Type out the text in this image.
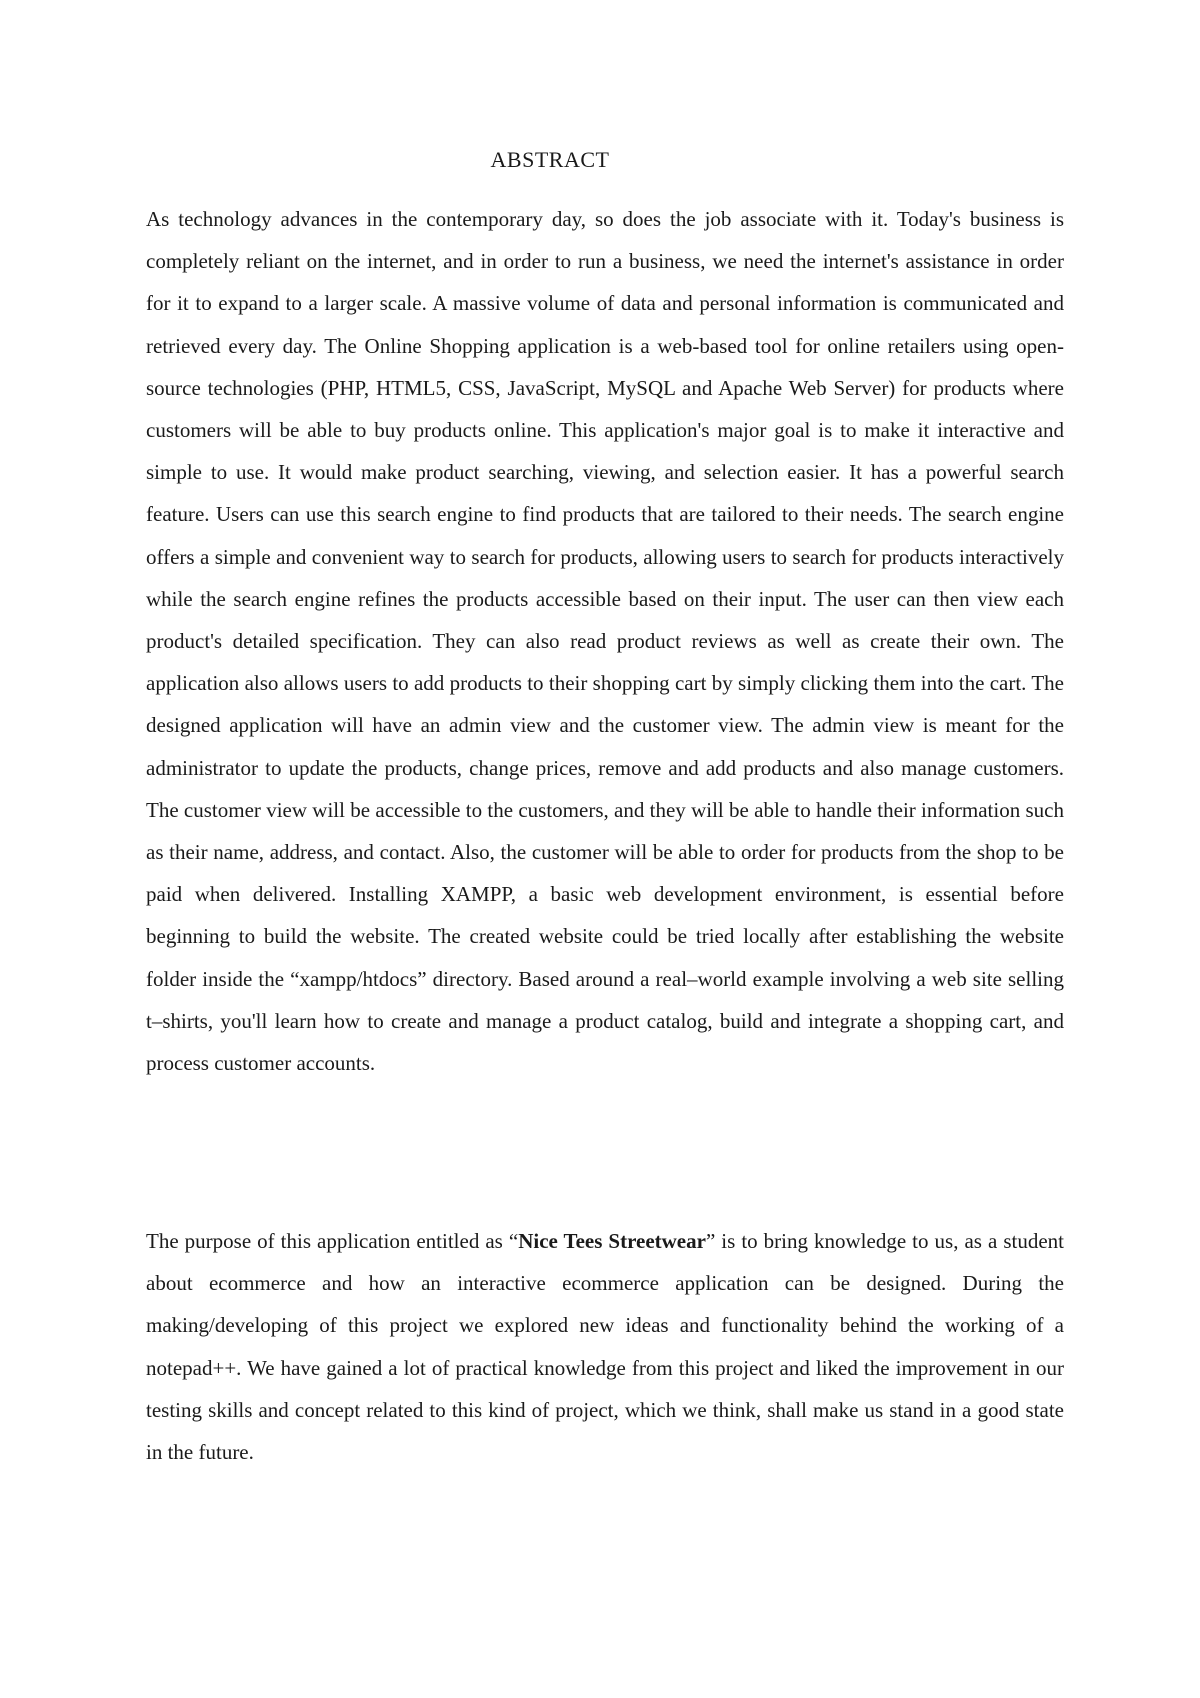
ABSTRACT

As technology advances in the contemporary day, so does the job associate with it. Today's business is completely reliant on the internet, and in order to run a business, we need the internet's assistance in order for it to expand to a larger scale. A massive volume of data and personal information is communicated and retrieved every day. The Online Shopping application is a web-based tool for online retailers using open-source technologies (PHP, HTML5, CSS, JavaScript, MySQL and Apache Web Server) for products where customers will be able to buy products online. This application's major goal is to make it interactive and simple to use. It would make product searching, viewing, and selection easier. It has a powerful search feature. Users can use this search engine to find products that are tailored to their needs. The search engine offers a simple and convenient way to search for products, allowing users to search for products interactively while the search engine refines the products accessible based on their input. The user can then view each product's detailed specification. They can also read product reviews as well as create their own. The application also allows users to add products to their shopping cart by simply clicking them into the cart. The designed application will have an admin view and the customer view. The admin view is meant for the administrator to update the products, change prices, remove and add products and also manage customers. The customer view will be accessible to the customers, and they will be able to handle their information such as their name, address, and contact. Also, the customer will be able to order for products from the shop to be paid when delivered. Installing XAMPP, a basic web development environment, is essential before beginning to build the website. The created website could be tried locally after establishing the website folder inside the “xampp/htdocs” directory. Based around a real–world example involving a web site selling t–shirts, you'll learn how to create and manage a product catalog, build and integrate a shopping cart, and process customer accounts.

The purpose of this application entitled as “Nice Tees Streetwear” is to bring knowledge to us, as a student about ecommerce and how an interactive ecommerce application can be designed. During the making/developing of this project we explored new ideas and functionality behind the working of a notepad++. We have gained a lot of practical knowledge from this project and liked the improvement in our testing skills and concept related to this kind of project, which we think, shall make us stand in a good state in the future.
